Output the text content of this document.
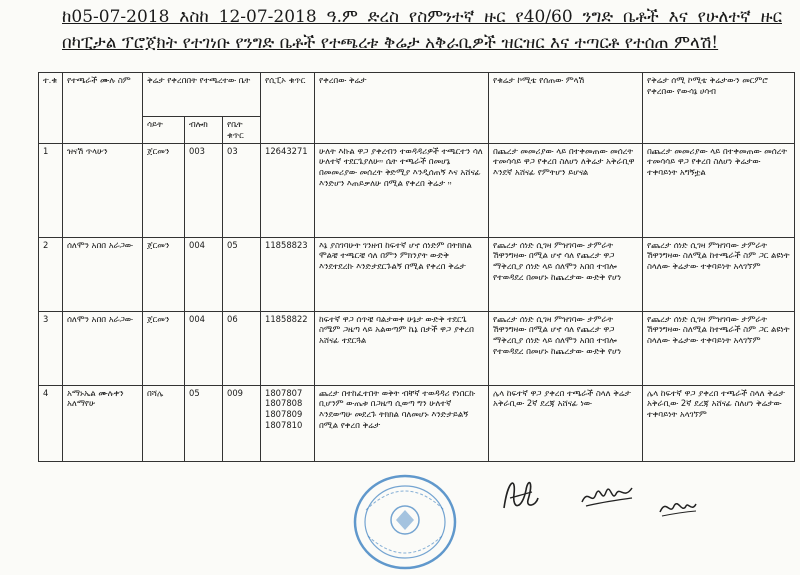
ከ05-07-2018 እስከ 12-07-2018 ዓ.ም ድረስ የስምንተኛ ዙር የ40/60 ንግድ ቤቶች እና የሁለተኛ ዙር በካፒታል ፕሮጀክት የተገነቡ የንግድ ቤቶች የተጫረቱ ቅሬታ አቅራቢዎች ዝርዝር እና ተጣርቶ የተሰጠ ምላሽ!
ተ.ቁ	የተጫራች ሙሉ ስም	ቅሬታ የቀረበበት የተጫረተው ቤት			የሲፒኦ ቁጥር	የቀረበው ቅሬታ	የቁሬታ ኮሚቴ የሰጠው ምላሽ	የቅሬታ ሰሚ ኮሚቴ ቅሬታውን መርምሮ የቀረበው የውሳኔ ሀሳብ
		ሳይት	ብሎክ	የቤት ቁጥር				
1	ዝናሽ ጥላሁን	ጀርመን	003	03	12643271	ሁለት እኩል ዋጋ ያቀረብን ተወዳዳሪዎች ተጫርተን ሳለ ሁለተኛ ተደርጌያለሁ። ሴት ተጫራች በመሆኔ በመመሪያው መሰረት ቅድሚያ እንዲሰጠኝ እና አሸናፊ እንድሆን እጠይቃለሁ በሚል የቀረበ ቅሬታ ።	በጨረታ መመሪያው ላይ በተቀመጠው መሰረት ተመሳሳይ ዋጋ የቀረበ ስለሆነ ለቅሬታ አቅራቢዋ እንደኛ አሸናፊ የምትሆን ይሆናል	በጨረታ መመሪያው ላይ በተቀመጠው መሰረት ተመሳሳይ ዋጋ የቀረበ ስለሆነ ቅሬታው ተቀባይነት አግኝቷል
2	ሰለሞን አበበ አራጋው	ጀርመን	004	05	11858823	እኔ ያስገባሁት ገንዘብ ከፍተኛ ሆኖ ሰነድም በትክክል ሞልቼ ተጫርቼ ሳለ በምን ምክንያት ውድቅ እንደተደረኩ እንድታደርጉልኝ በሚል የቀረበ ቅሬታ	የጨረታ ሰነድ ሲገዛ ምዝገባው ታምራት ሽዋንግዛው በሚል ሆኖ ሳለ የጨረታ ዋጋ ማቅረቢያ ሰነድ ላይ ሰለሞን አበበ ተብሎ የተወዳደረ በመሆኑ ከጨረታው ውድቅ የሆነ	የጨረታ ሰነድ ሲገዛ ምዝገባው ታምራት ሽዋንግዛው ስለሚል ከተጫራች ስም ጋር ልዩነት ስላለው ቅሬታው ተቀባይነት አላገኘም
3	ሰለሞን አበበ አራጋው	ጀርመን	004	06	11858822	ከፍተኛ ዋጋ ሰጥቼ ባልታወቀ ሁኔታ ውድቅ ተደርጌ ስሜም ጋዜጣ ላይ አልወጣም ኬኔ በታች ዋጋ ያቀረበ አሸናፊ ተደርጓል	የጨረታ ሰነድ ሲገዛ ምዝገባው ታምራት ሽዋንግዛው በሚል ሆኖ ሳለ የጨረታ ዋጋ ማቅረቢያ ሰነድ ላይ ሰለሞን አበበ ተብሎ የተወዳደረ በመሆኑ ከጨረታው ውድቅ የሆነ	የጨረታ ሰነድ ሲገዛ ምዝገባው ታምራት ሽዋንግዛው ስለሚል ከተጫራች ስም ጋር ልዩነት ስላለው ቅሬታው ተቀባይነት አላገኘም
4	አማኑኤል ሙሉቀን አለማየሁ	በሻሌ	05	009	1807807
1807808
1807809
1807810	ጨረታ በተከፈተበት ወቅት ብቸኛ ተወዳዳሪ የነበርኩ ቢሆንም ውጤቱ በጋዜጣ ሲወጣ ግን ሁለተኛ እንደወጣሁ መደረጉ ትክክል ባለመሆኑ እንድታይልኝ በሚል የቀረበ ቅሬታ	ሌላ ከፍተኛ ዋጋ ያቀረበ ተጫራች ስላለ ቅሬታ አቅራቢው 2ኛ ደረጃ አሸናፊ ነው	ሌላ ከፍተኛ ዋጋ ያቀረበ ተጫራች ስላለ ቅሬታ አቅራቢው 2ኛ ደረጃ አሸናፊ ስለሆነ ቅሬታው ተቀባይነት አላገኘም
